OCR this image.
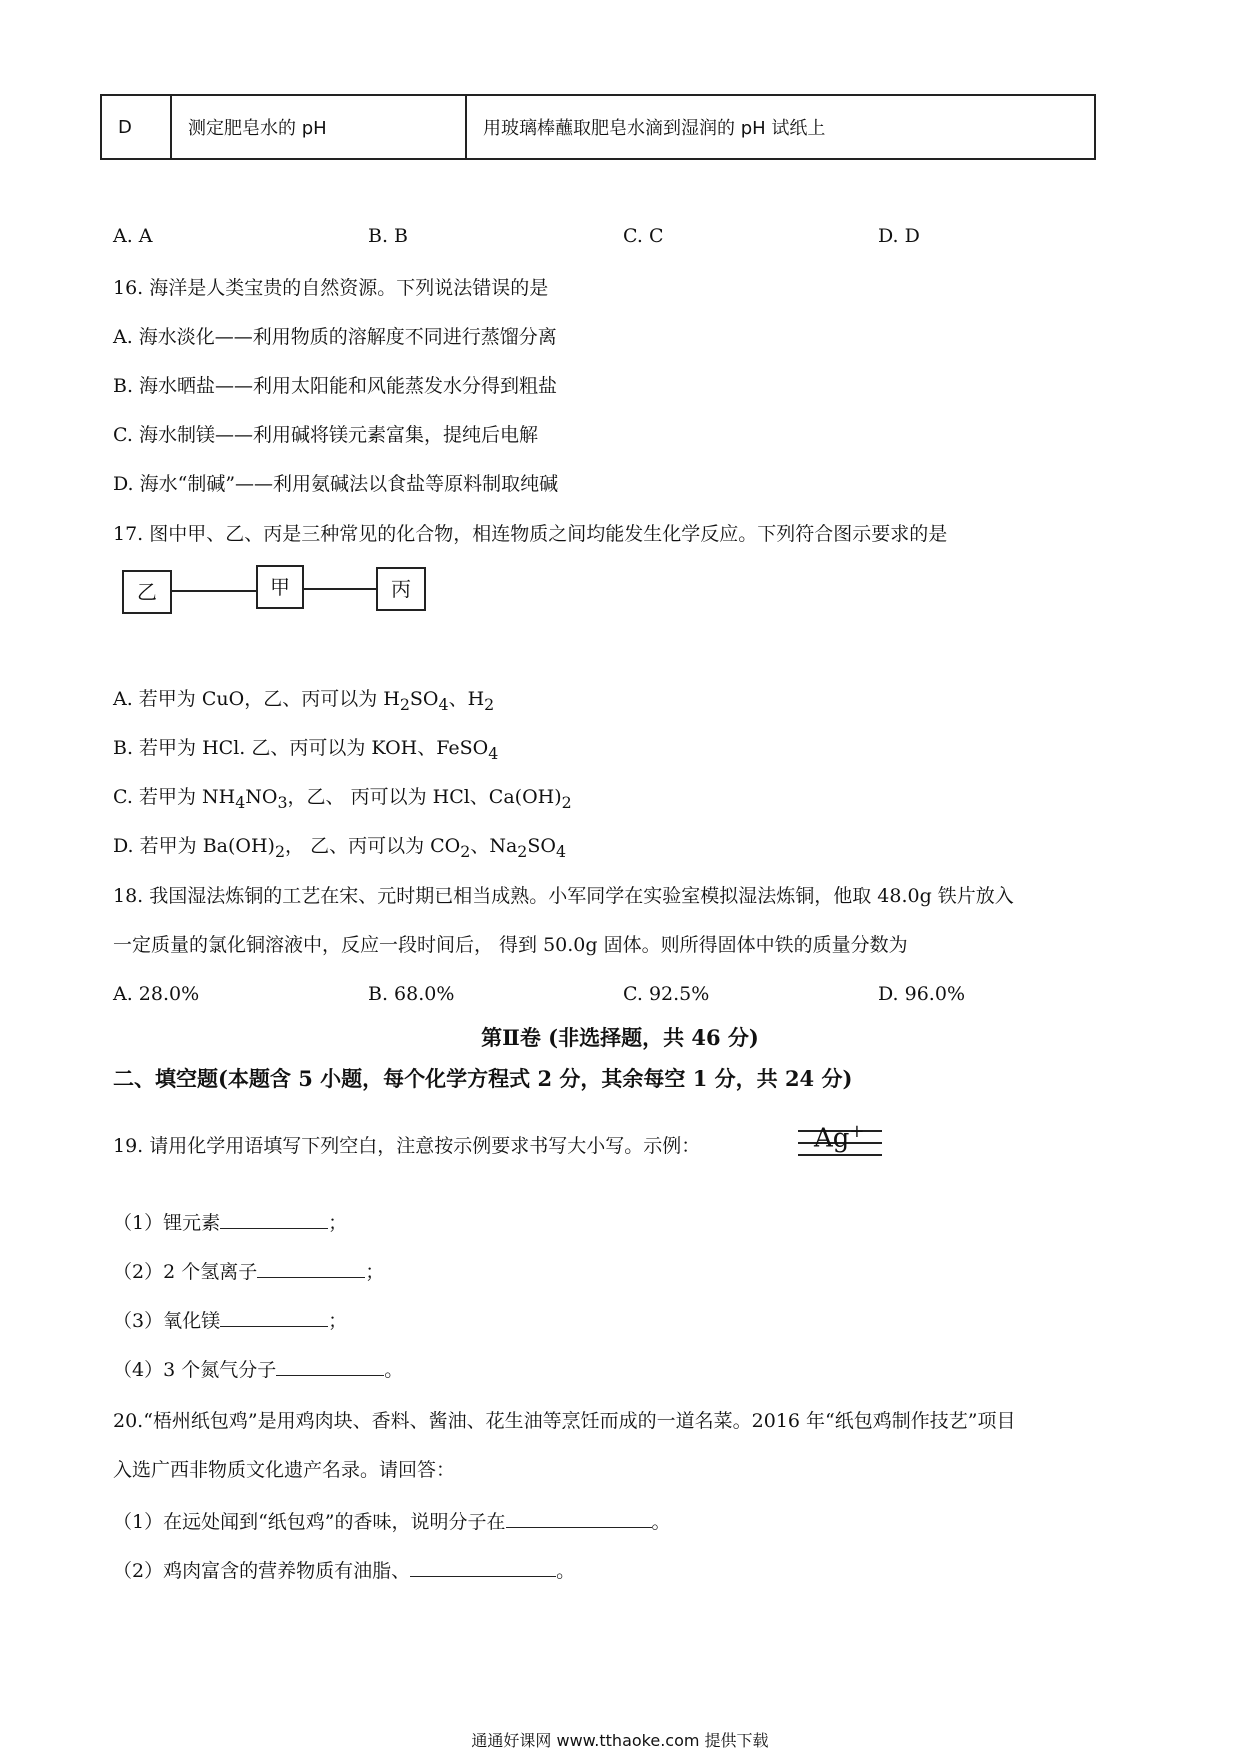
D	测定肥皂水的 pH	用玻璃棒蘸取肥皂水滴到湿润的 pH 试纸上
A. A	B. B	C. C	D. D
16. 海洋是人类宝贵的自然资源。下列说法错误的是
A. 海水淡化——利用物质的溶解度不同进行蒸馏分离
B. 海水晒盐——利用太阳能和风能蒸发水分得到粗盐
C. 海水制镁——利用碱将镁元素富集，提纯后电解
D. 海水“制碱”——利用氨碱法以食盐等原料制取纯碱
17. 图中甲、乙、丙是三种常见的化合物，相连物质之间均能发生化学反应。下列符合图示要求的是
乙	甲	丙
A. 若甲为 CuO，乙、丙可以为 $H_2SO_4$、$H_2$
B. 若甲为 HCl. 乙、丙可以为 KOH、FeSO$_4$
C. 若甲为 $NH_4NO_3$，乙、 丙可以为 HCl、$Ca(OH)_2$
D. 若甲为 $Ba(OH)_2$， 乙、丙可以为 $CO_2$、$Na_2SO_4$
18. 我国湿法炼铜的工艺在宋、元时期已相当成熟。小军同学在实验室模拟湿法炼铜，他取 48.0g 铁片放入
一定质量的氯化铜溶液中，反应一段时间后， 得到 50.0g 固体。则所得固体中铁的质量分数为
A. 28.0%	B. 68.0%	C. 92.5%	D. 96.0%
第Ⅱ卷 (非选择题，共 46 分)
二、填空题(本题含 5 小题，每个化学方程式 2 分，其余每空 1 分，共 24 分)
19. 请用化学用语填写下列空白，注意按示例要求书写大小写。示例：	Ag+
（1）锂元素	；
（2）2 个氢离子	；
（3）氧化镁	；
（4）3 个氮气分子	。
20.“梧州纸包鸡”是用鸡肉块、香料、酱油、花生油等烹饪而成的一道名菜。2016 年“纸包鸡制作技艺”项目
入选广西非物质文化遗产名录。请回答：
（1）在远处闻到“纸包鸡”的香味，说明分子在	。
（2）鸡肉富含的营养物质有油脂、	。
通通好课网 www.tthaoke.com 提供下载
